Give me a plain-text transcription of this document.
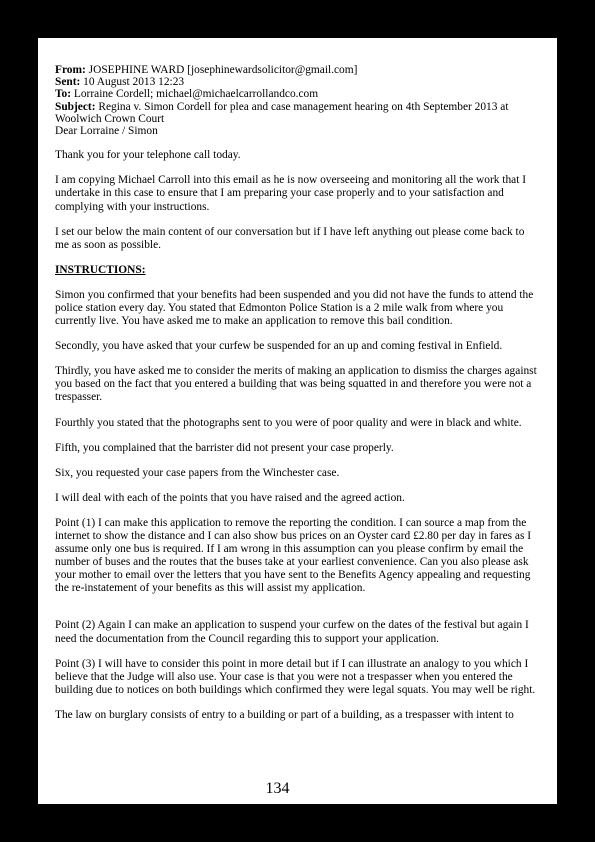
From: JOSEPHINE WARD [josephinewardsolicitor@gmail.com]
Sent: 10 August 2013 12:23
To: Lorraine Cordell; michael@michaelcarrollandco.com
Subject: Regina v. Simon Cordell for plea and case management hearing on 4th September 2013 at Woolwich Crown Court
Dear Lorraine / Simon

Thank you for your telephone call today.

I am copying Michael Carroll into this email as he is now overseeing and monitoring all the work that I undertake in this case to ensure that I am preparing your case properly and to your satisfaction and complying with your instructions.

I set our below the main content of our conversation but if I have left anything out please come back to me as soon as possible.

INSTRUCTIONS:

Simon you confirmed that your benefits had been suspended and you did not have the funds to attend the police station every day. You stated that Edmonton Police Station is a 2 mile walk from where you currently live. You have asked me to make an application to remove this bail condition.

Secondly, you have asked that your curfew be suspended for an up and coming festival in Enfield.

Thirdly, you have asked me to consider the merits of making an application to dismiss the charges against you based on the fact that you entered a building that was being squatted in and therefore you were not a trespasser.

Fourthly you stated that the photographs sent to you were of poor quality and were in black and white.

Fifth, you complained that the barrister did not present your case properly.

Six, you requested your case papers from the Winchester case.

I will deal with each of the points that you have raised and the agreed action.

Point (1) I can make this application to remove the reporting the condition. I can source a map from the internet to show the distance and I can also show bus prices on an Oyster card £2.80 per day in fares as I assume only one bus is required. If I am wrong in this assumption can you please confirm by email the number of buses and the routes that the buses take at your earliest convenience. Can you also please ask your mother to email over the letters that you have sent to the Benefits Agency appealing and requesting the re-instatement of your benefits as this will assist my application.

Point (2) Again I can make an application to suspend your curfew on the dates of the festival but again I need the documentation from the Council regarding this to support your application.

Point (3) I will have to consider this point in more detail but if I can illustrate an analogy to you which I believe that the Judge will also use. Your case is that you were not a trespasser when you entered the building due to notices on both buildings which confirmed they were legal squats. You may well be right.

The law on burglary consists of entry to a building or part of a building, as a trespasser with intent to

134
